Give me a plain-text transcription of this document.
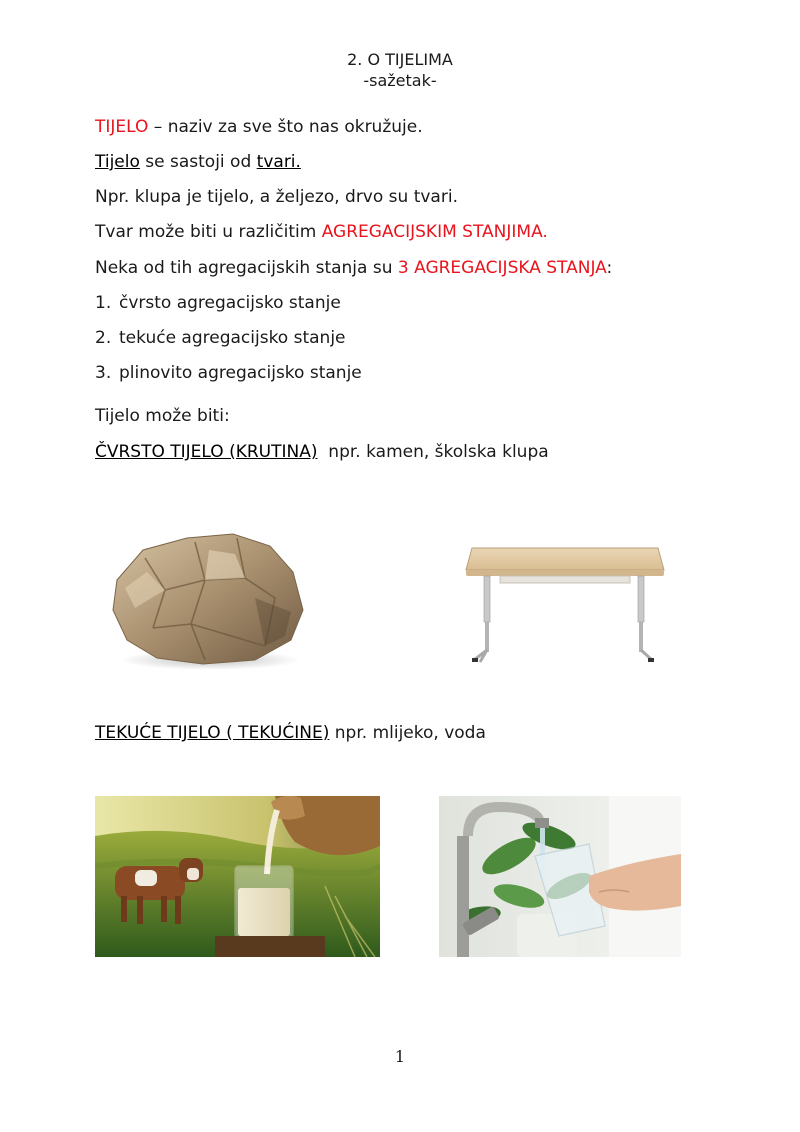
2. O TIJELIMA
-sažetak-
TIJELO – naziv za sve što nas okružuje.
Tijelo se sastoji od tvari.
Npr. klupa je tijelo, a željezo, drvo su tvari.
Tvar može biti u različitim AGREGACIJSKIM STANJIMA.
Neka od tih agregacijskih stanja su 3 AGREGACIJSKA STANJA:
1. čvrsto agregacijsko stanje
2. tekuće agregacijsko stanje
3. plinovito agregacijsko stanje
Tijelo može biti:
ČVRSTO TIJELO (KRUTINA)  npr. kamen, školska klupa
TEKUĆE TIJELO ( TEKUĆINE) npr. mlijeko, voda
1
